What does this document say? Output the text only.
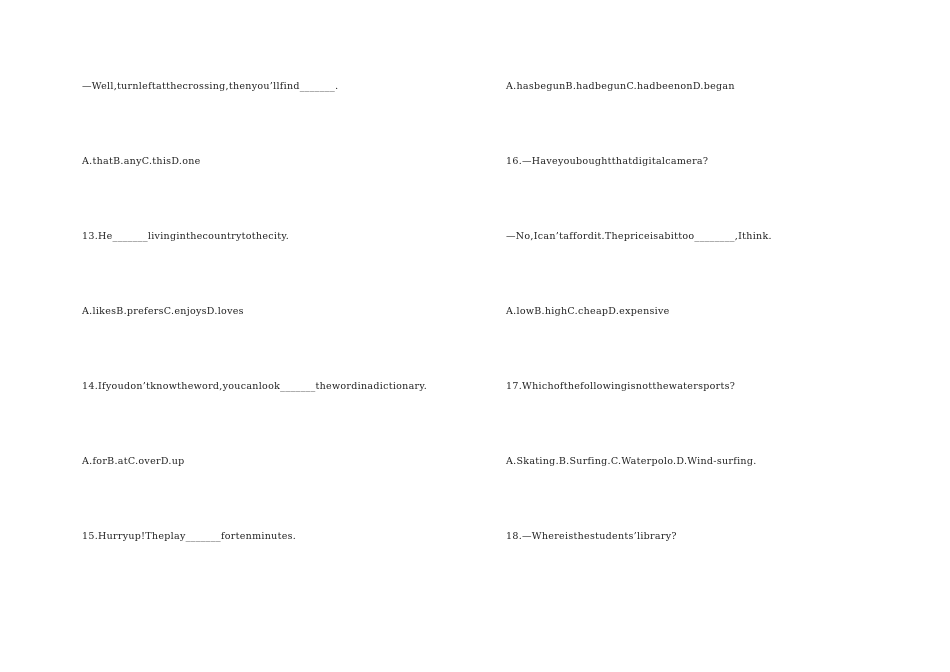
—Well,turnleftatthecrossing,thenyou’llfind_______.
A.thatB.anyC.thisD.one
13.He_______livinginthecountrytothecity.
A.likesB.prefersC.enjoysD.loves
14.Ifyoudon’tknowtheword,youcanlook_______thewordinadictionary.
A.forB.atC.overD.up
15.Hurryup!Theplay_______fortenminutes.
A.hasbegunB.hadbegunC.hadbeenonD.began
16.—Haveyouboughtthatdigitalcamera?
—No,Ican’taffordit.Thepriceisabittoo________,Ithink.
A.lowB.highC.cheapD.expensive
17.Whichofthefollowingisnotthewatersports?
A.Skating.B.Surfing.C.Waterpolo.D.Wind-surfing.
18.—Whereisthestudents’library?
